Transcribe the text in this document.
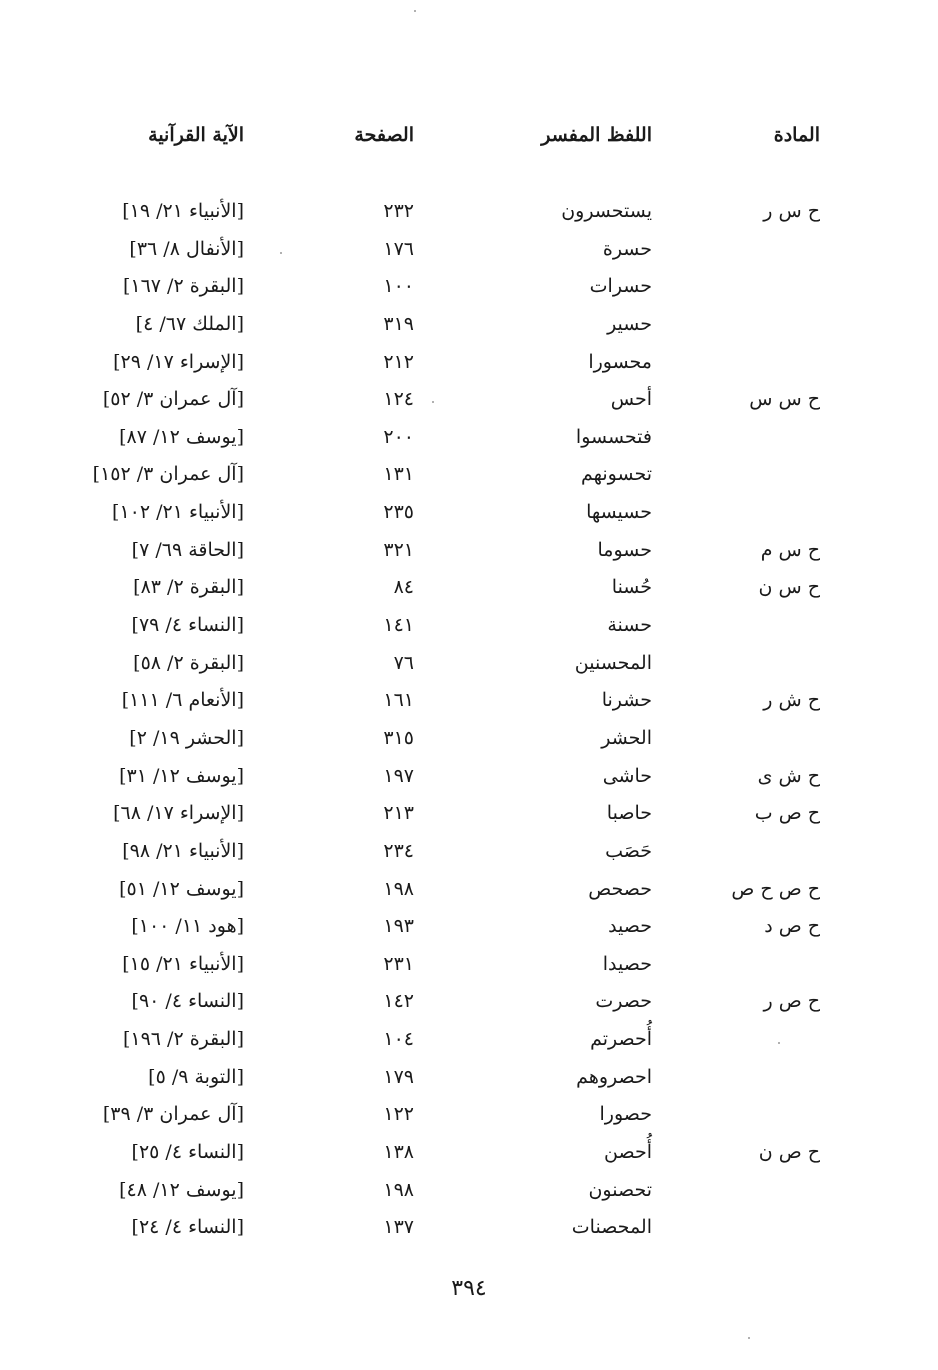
المادة
اللفظ المفسر
الصفحة
الآية القرآنية
ح س ر
يستحسرون
٢٣٢
[الأنبياء ٢١/ ١٩]
حسرة
١٧٦
[الأنفال ٨/ ٣٦]
حسرات
١٠٠
[البقرة ٢/ ١٦٧]
حسير
٣١٩
[الملك ٦٧/ ٤]
محسورا
٢١٢
[الإسراء ١٧/ ٢٩]
ح س س
أحس
١٢٤
[آل عمران ٣/ ٥٢]
فتحسسوا
٢٠٠
[يوسف ١٢/ ٨٧]
تحسونهم
١٣١
[آل عمران ٣/ ١٥٢]
حسيسها
٢٣٥
[الأنبياء ٢١/ ١٠٢]
ح س م
حسوما
٣٢١
[الحاقة ٦٩/ ٧]
ح س ن
حُسنا
٨٤
[البقرة ٢/ ٨٣]
حسنة
١٤١
[النساء ٤/ ٧٩]
المحسنين
٧٦
[البقرة ٢/ ٥٨]
ح ش ر
حشرنا
١٦١
[الأنعام ٦/ ١١١]
الحشر
٣١٥
[الحشر ١٩/ ٢]
ح ش ى
حاشى
١٩٧
[يوسف ١٢/ ٣١]
ح ص ب
حاصبا
٢١٣
[الإسراء ١٧/ ٦٨]
حَصَب
٢٣٤
[الأنبياء ٢١/ ٩٨]
ح ص ح ص
حصحص
١٩٨
[يوسف ١٢/ ٥١]
ح ص د
حصيد
١٩٣
[هود ١١/ ١٠٠]
حصيدا
٢٣١
[الأنبياء ٢١/ ١٥]
ح ص ر
حصرت
١٤٢
[النساء ٤/ ٩٠]
أُحصرتم
١٠٤
[البقرة ٢/ ١٩٦]
احصروهم
١٧٩
[التوبة ٩/ ٥]
حصورا
١٢٢
[آل عمران ٣/ ٣٩]
ح ص ن
أُحصن
١٣٨
[النساء ٤/ ٢٥]
تحصنون
١٩٨
[يوسف ١٢/ ٤٨]
المحصنات
١٣٧
[النساء ٤/ ٢٤]
٣٩٤
